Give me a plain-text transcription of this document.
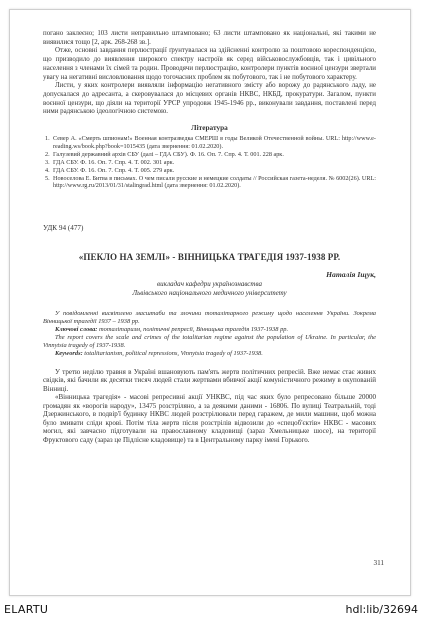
погано заклеєно; 103 листи неправильно штамповано; 63 листи штамповано як національні, які такими не виявилися тощо [2, арк. 268-268 зв.].

Отже, основні завдання перлюстрації ґрунтувалася на здійсненні контролю за поштовою кореспонденцією, що призводило до виявлення широкого спектру настроїв як серед військовослужбовців, так і цивільного населення з членами їх сімей та родин. Проводячи перлюстрацію, контролери пунктів воєнної цензури звертали увагу на негативні висловлювання щодо тогочасних проблем як побутового, так і не побутового характеру.

Листи, у яких контролери виявляли інформацію негативного змісту або ворожу до радянського ладу, не допускалася до адресанта, а скеровувалася до місцевих органів НКВС, НКБД, прокуратури. Загалом, пункти воєнної цензури, що діяли на території УРСР упродовж 1945-1946 рр., виконували завдання, поставлені перед ними радянською ідеологічною системою.

Література
1. Север А. «Смерть шпионам!» Военная контразведка СМЕРШ в годы Великой Отечественной войны. URL: http://www.e-reading.ws/book.php?book=1015435 (дата звернення: 01.02.2020).
2. Галузевий державний архів СБУ (далі – ГДА СБУ). Ф. 16. Оп. 7. Спр. 4. Т. 001. 228 арк.
3. ГДА СБУ. Ф. 16. Оп. 7. Спр. 4. Т. 002. 301 арк.
4. ГДА СБУ. Ф. 16. Оп. 7. Спр. 4. Т. 005. 279 арк.
5. Новоселова Е. Битва в письмах. О чем писали русские и немецкие солдаты // Российская газета-неделя. № 6002(26). URL: http://www.rg.ru/2013/01/31/stalingrad.html (дата звернення: 01.02.2020).
УДК 94 (477)
«ПЕКЛО НА ЗЕМЛІ» - ВІННИЦЬКА ТРАГЕДІЯ 1937-1938 РР.
Наталія Іщук,
викладач кафедри українознавства
Львівського національного медичного університету

У повідомленні висвітлено масштаби та злочини тоталітарного режиму щодо населення України. Зокрема Вінницької трагедії 1937 – 1938 рр.

Ключові слова: тоталітаризм, політичні репресії, Вінницька трагедія 1937-1938 рр.

The report covers the scale and crimes of the totalitarian regime against the population of Ukraine. In particular, the Vinnytsia tragedy of 1937-1938.

Keywords: totalitarianism, political repressions, Vinnytsia tragedy of 1937-1938.

У третю неділю травня в Україні вшановують пам'ять жертв політичних репресій. Вже немає стає живих свідків, які бачили як десятки тисяч людей стали жертвами вбивчої акції комуністичного режиму в окупованій Вінниці.

«Вінницька трагедія» - масові репресивні акції УНКВС, під час яких було репресовано більше 20000 громадян як «ворогів народу», 13475 розстріляно, а за деякими даними - 16806. По вулиці Театральній, тоді Дзержинського, в подвір'ї будинку НКВС людей розстрілювали перед гаражем, де мили машини, щоб можна було змивати сліди крові. Потім тіла жертв після розстрілів відвозили до «спецоб'єктів» НКВС - масових могил, які завчасно підготували на православному кладовищі (зараз Хмельницьке шосе), на території Фруктового саду (зараз це Підлісне кладовище) та в Центральному парку імені Горького.

311
ELARTU	hdl:lib/32694
